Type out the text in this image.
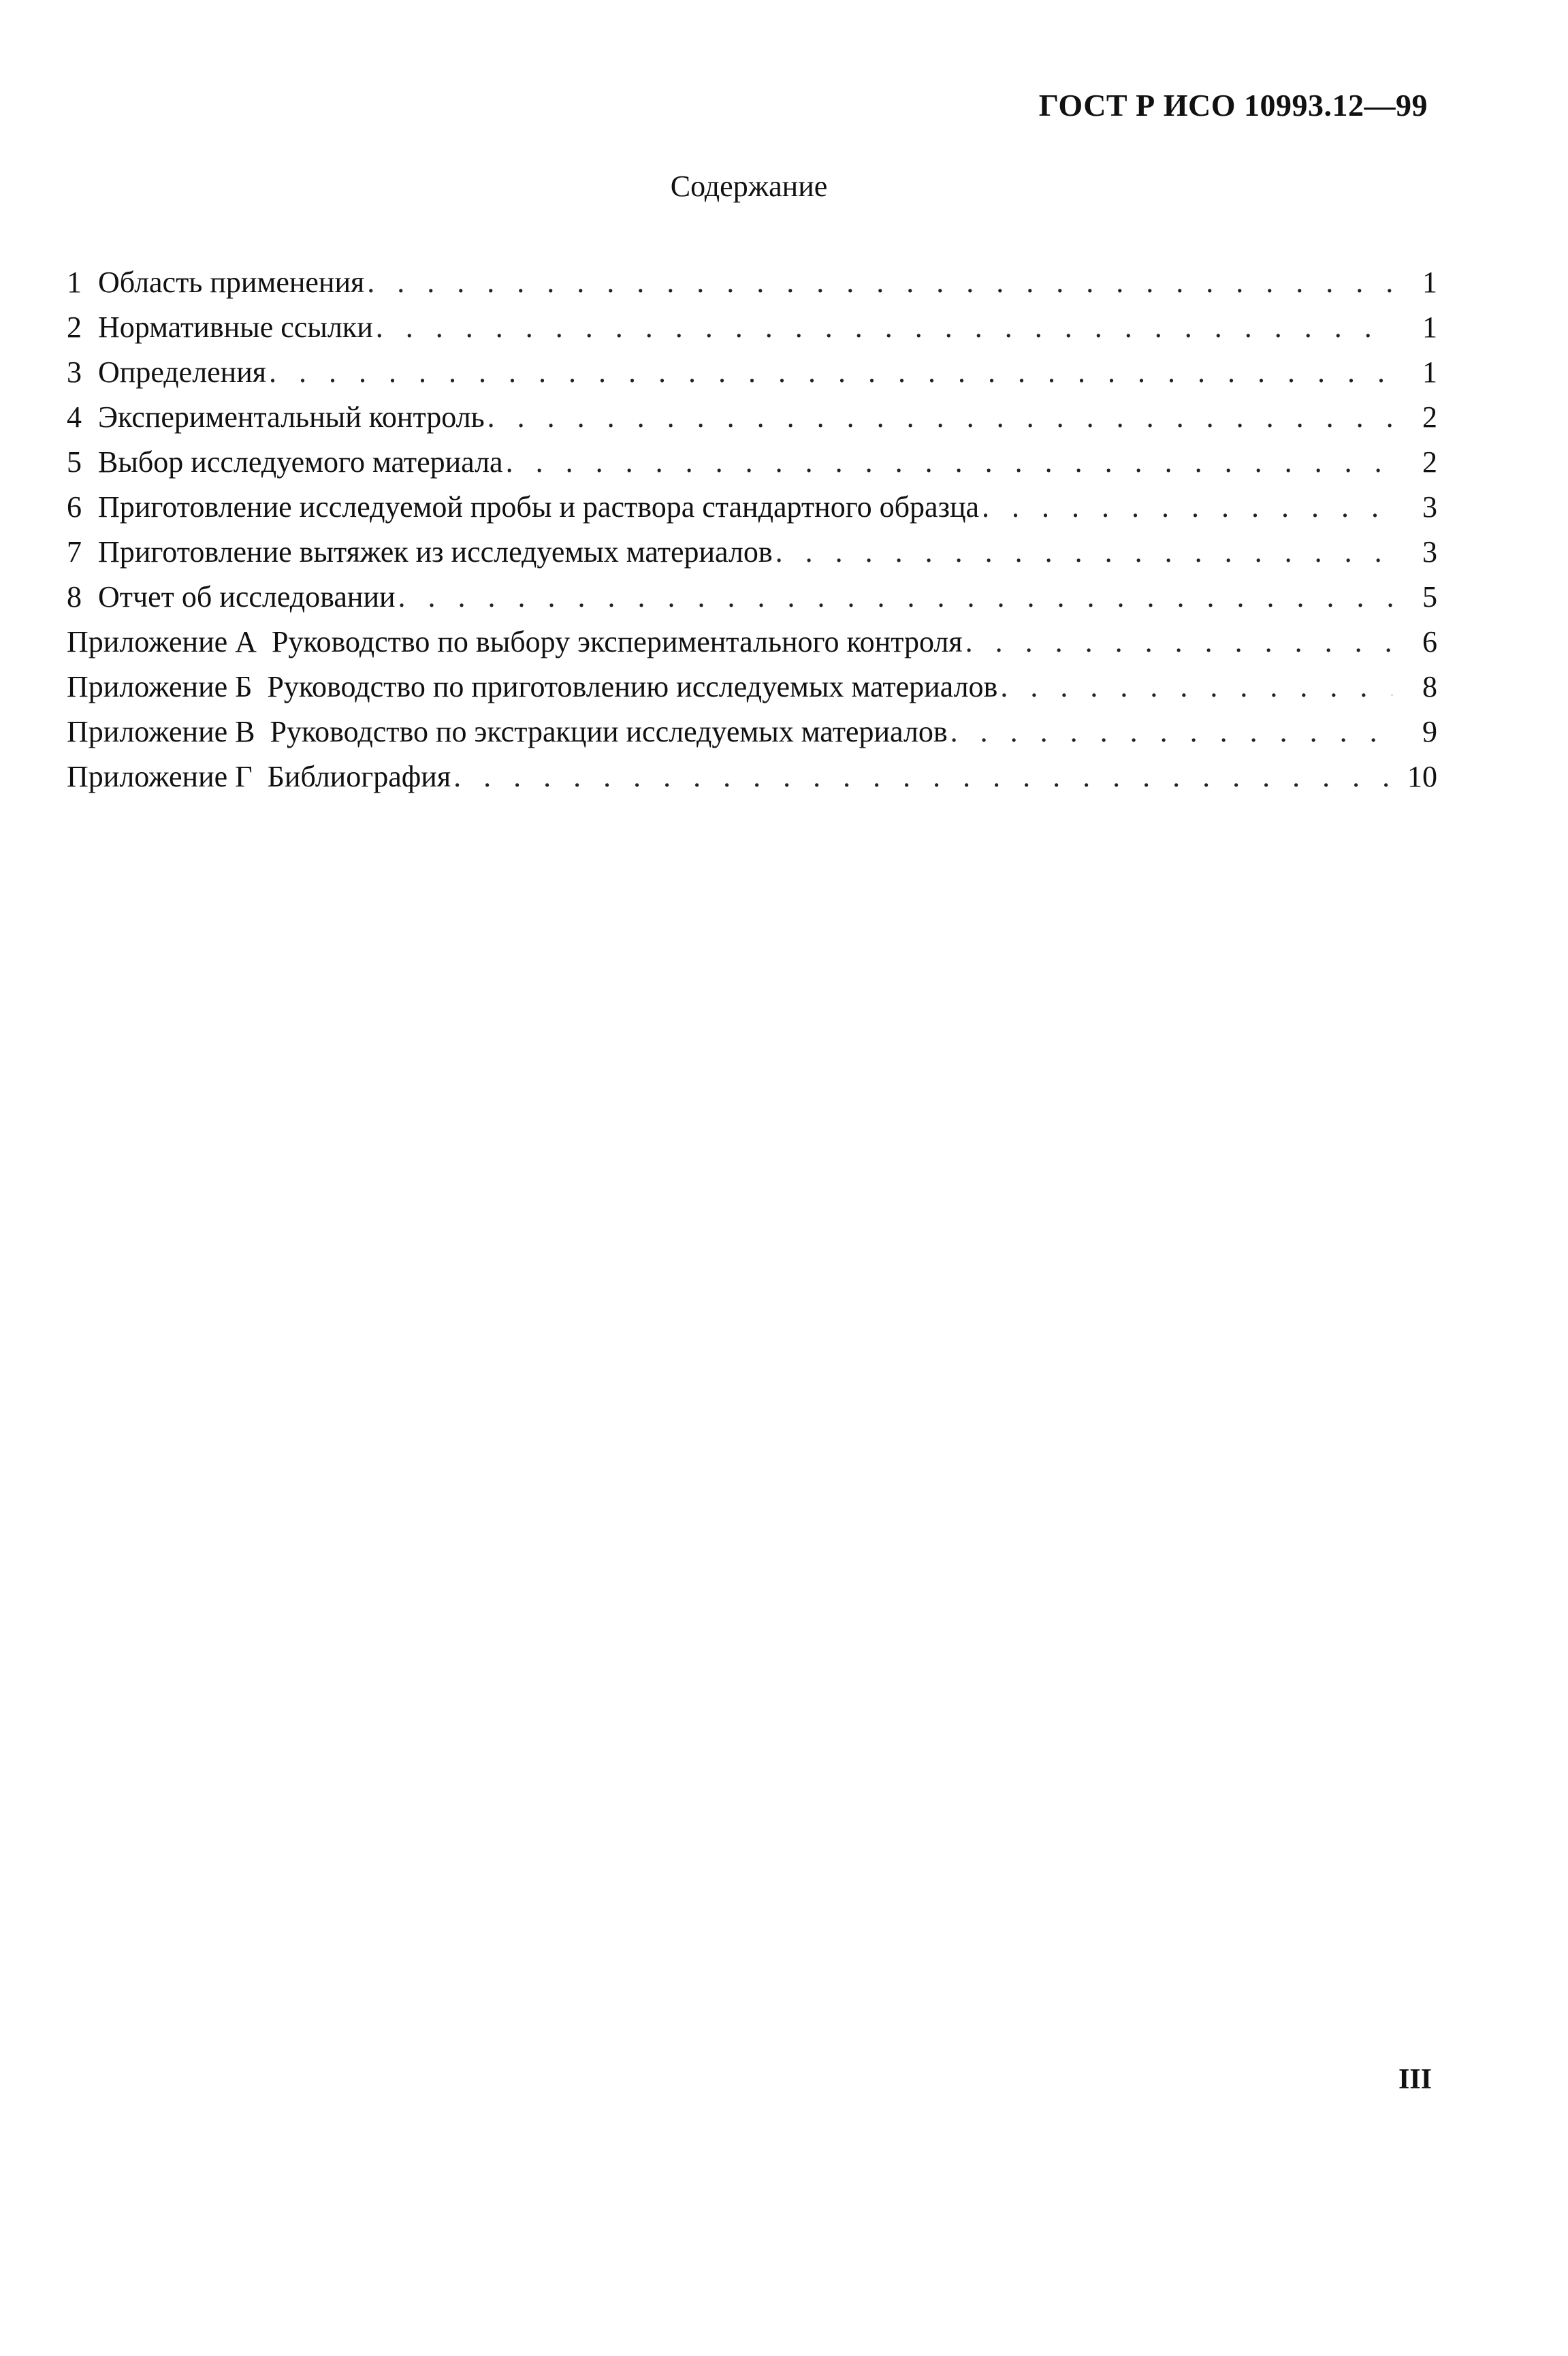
ГОСТ Р ИСО 10993.12—99
Содержание
1 Область применения . . .	1
2 Нормативные ссылки . . .	1
3 Определения . . .	1
4 Экспериментальный контроль . . .	2
5 Выбор исследуемого материала . . .	2
6 Приготовление исследуемой пробы и раствора стандартного образца . . .	3
7 Приготовление вытяжек из исследуемых материалов . . .	3
8 Отчет об исследовании . . .	5
Приложение А Руководство по выбору экспериментального контроля . . .	6
Приложение Б Руководство по приготовлению исследуемых материалов . . .	8
Приложение В Руководство по экстракции исследуемых материалов . . .	9
Приложение Г Библиография . . .	10
III
